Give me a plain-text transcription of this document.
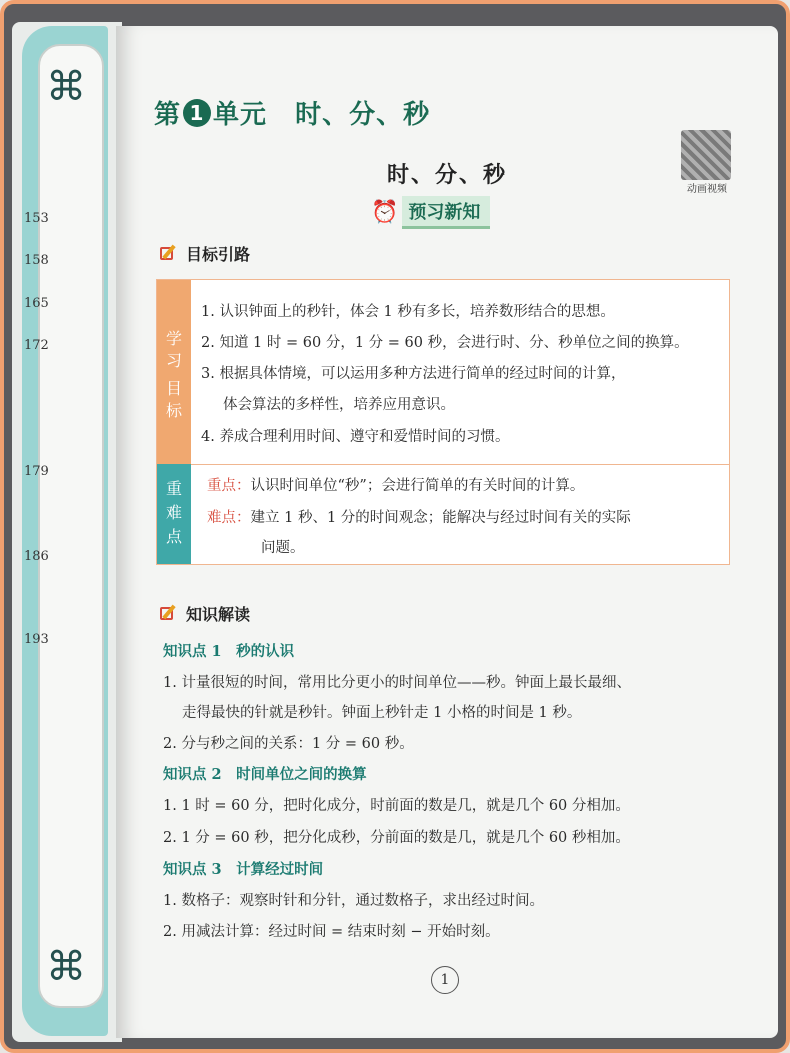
⌘
⌘
153
158
165
172
179
186
193
第 1 单元 时、分、秒
动画视频
时、分、秒
⏰ 预习新知
目标引路
学
习
目
标
重
难
点
1. 认识钟面上的秒针，体会 1 秒有多长，培养数形结合的思想。
2. 知道 1 时 = 60 分，1 分 = 60 秒，会进行时、分、秒单位之间的换算。
3. 根据具体情境，可以运用多种方法进行简单的经过时间的计算，
体会算法的多样性，培养应用意识。
4. 养成合理利用时间、遵守和爱惜时间的习惯。
重点：认识时间单位“秒”；会进行简单的有关时间的计算。
难点：建立 1 秒、1 分的时间观念；能解决与经过时间有关的实际
问题。
知识解读
知识点 1　秒的认识
1. 计量很短的时间，常用比分更小的时间单位——秒。钟面上最长最细、
走得最快的针就是秒针。钟面上秒针走 1 小格的时间是 1 秒。
2. 分与秒之间的关系：1 分 = 60 秒。
知识点 2　时间单位之间的换算
1. 1 时 = 60 分，把时化成分，时前面的数是几，就是几个 60 分相加。
2. 1 分 = 60 秒，把分化成秒，分前面的数是几，就是几个 60 秒相加。
知识点 3　计算经过时间
1. 数格子：观察时针和分针，通过数格子，求出经过时间。
2. 用减法计算：经过时间 = 结束时刻 − 开始时刻。
1
